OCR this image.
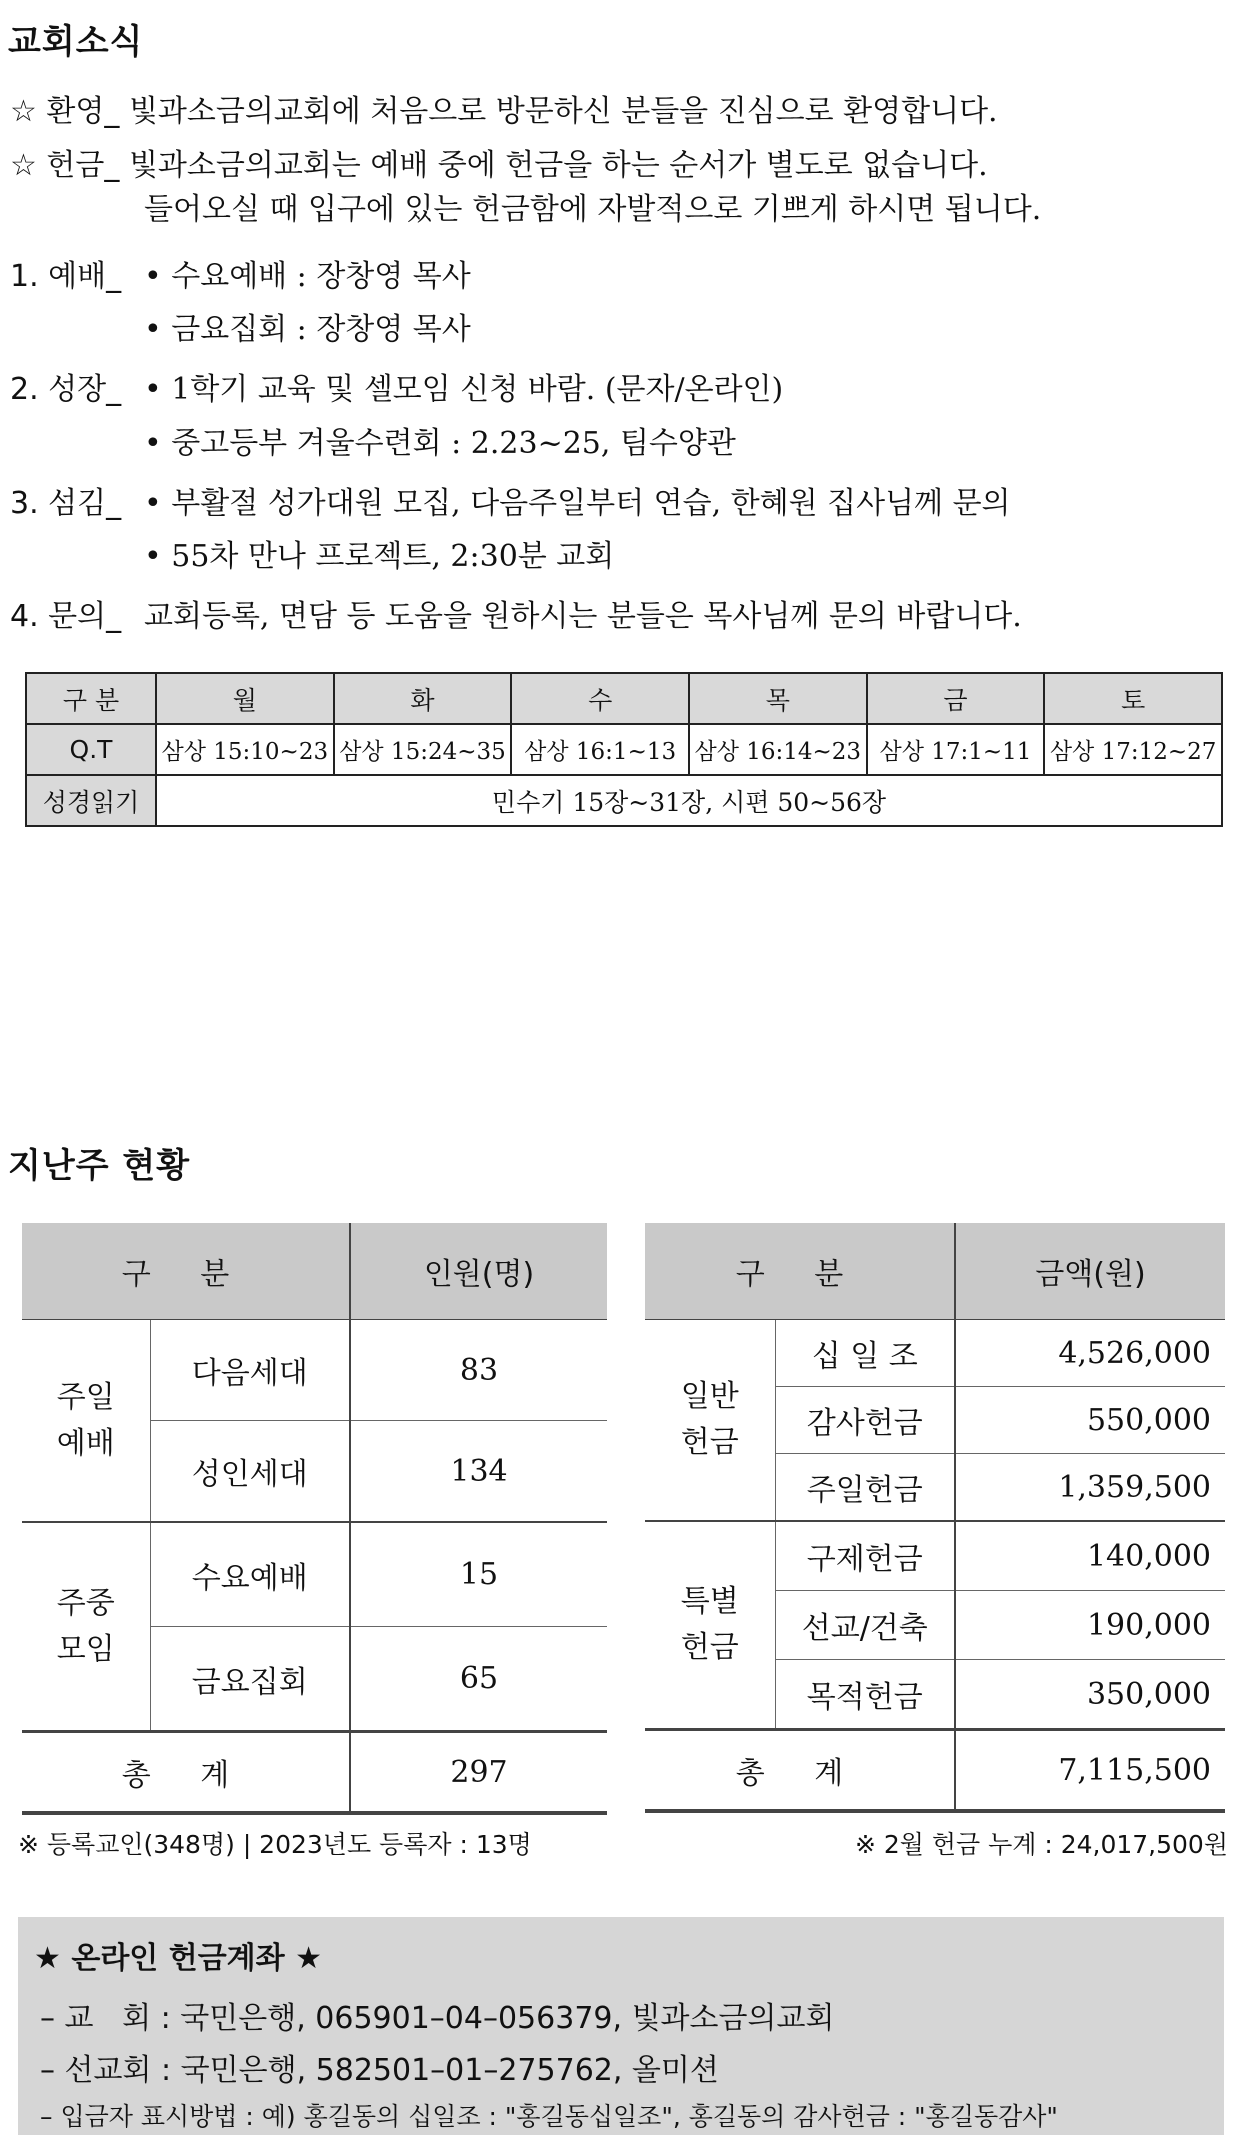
교회소식
☆ 환영_ 빛과소금의교회에 처음으로 방문하신 분들을 진심으로 환영합니다.
☆ 헌금_ 빛과소금의교회는 예배 중에 헌금을 하는 순서가 별도로 없습니다.
들어오실 때 입구에 있는 헌금함에 자발적으로 기쁘게 하시면 됩니다.
1. 예배_ • 수요예배 : 장창영 목사
• 금요집회 : 장창영 목사
2. 성장_ • 1학기 교육 및 셀모임 신청 바람. (문자/온라인)
• 중고등부 겨울수련회 : 2.23~25, 팀수양관
3. 섬김_ • 부활절 성가대원 모집, 다음주일부터 연습, 한혜원 집사님께 문의
• 55차 만나 프로젝트, 2:30분 교회
4. 문의_ 교회등록, 면담 등 도움을 원하시는 분들은 목사님께 문의 바랍니다.
구 분	월	화	수	목	금	토
Q.T	삼상 15:10~23	삼상 15:24~35	삼상 16:1~13	삼상 16:14~23	삼상 17:1~11	삼상 17:12~27
성경읽기	민수기 15장~31장, 시편 50~56장					
지난주 현황
구 분		인원(명)
주일
예배	다음세대	83
	성인세대	134
주중
모임	수요예배	15
	금요집회	65
총 계		297
구 분		금액(원)
일반
헌금	십 일 조	4,526,000
	감사헌금	550,000
	주일헌금	1,359,500
특별
헌금	구제헌금	140,000
	선교/건축	190,000
	목적헌금	350,000
총 계		7,115,500
※ 등록교인(348명) | 2023년도 등록자 : 13명	※ 2월 헌금 누계 : 24,017,500원
★ 온라인 헌금계좌 ★
– 교   회 : 국민은행, 065901–04–056379, 빛과소금의교회
– 선교회 : 국민은행, 582501–01–275762, 올미션
– 입금자 표시방법 : 예) 홍길동의 십일조 : "홍길동십일조", 홍길동의 감사헌금 : "홍길동감사"
